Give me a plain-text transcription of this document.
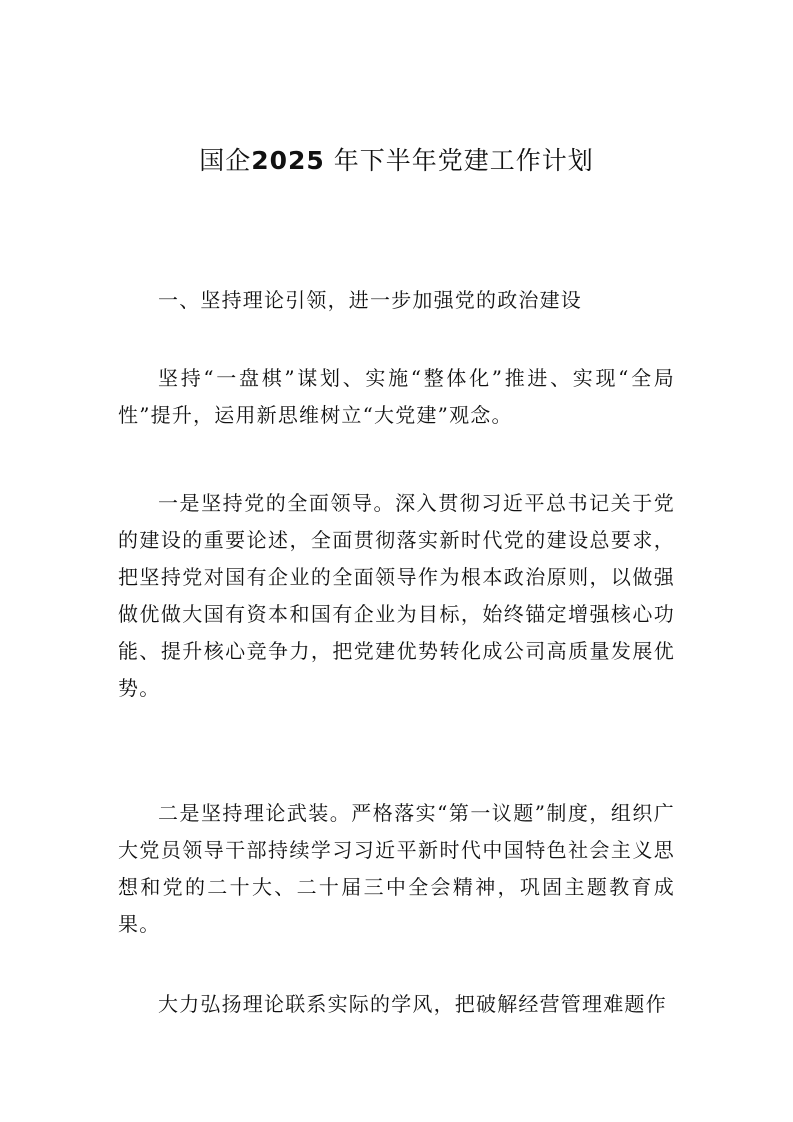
国企2025 年下半年党建工作计划

一、坚持理论引领，进一步加强党的政治建设

坚持“一盘棋”谋划、实施“整体化”推进、实现“全局性”提升，运用新思维树立“大党建”观念。

一是坚持党的全面领导。深入贯彻习近平总书记关于党的建设的重要论述，全面贯彻落实新时代党的建设总要求，把坚持党对国有企业的全面领导作为根本政治原则，以做强做优做大国有资本和国有企业为目标，始终锚定增强核心功能、提升核心竞争力，把党建优势转化成公司高质量发展优势。

二是坚持理论武装。严格落实“第一议题”制度，组织广大党员领导干部持续学习习近平新时代中国特色社会主义思想和党的二十大、二十届三中全会精神，巩固主题教育成果。

大力弘扬理论联系实际的学风，把破解经营管理难题作
